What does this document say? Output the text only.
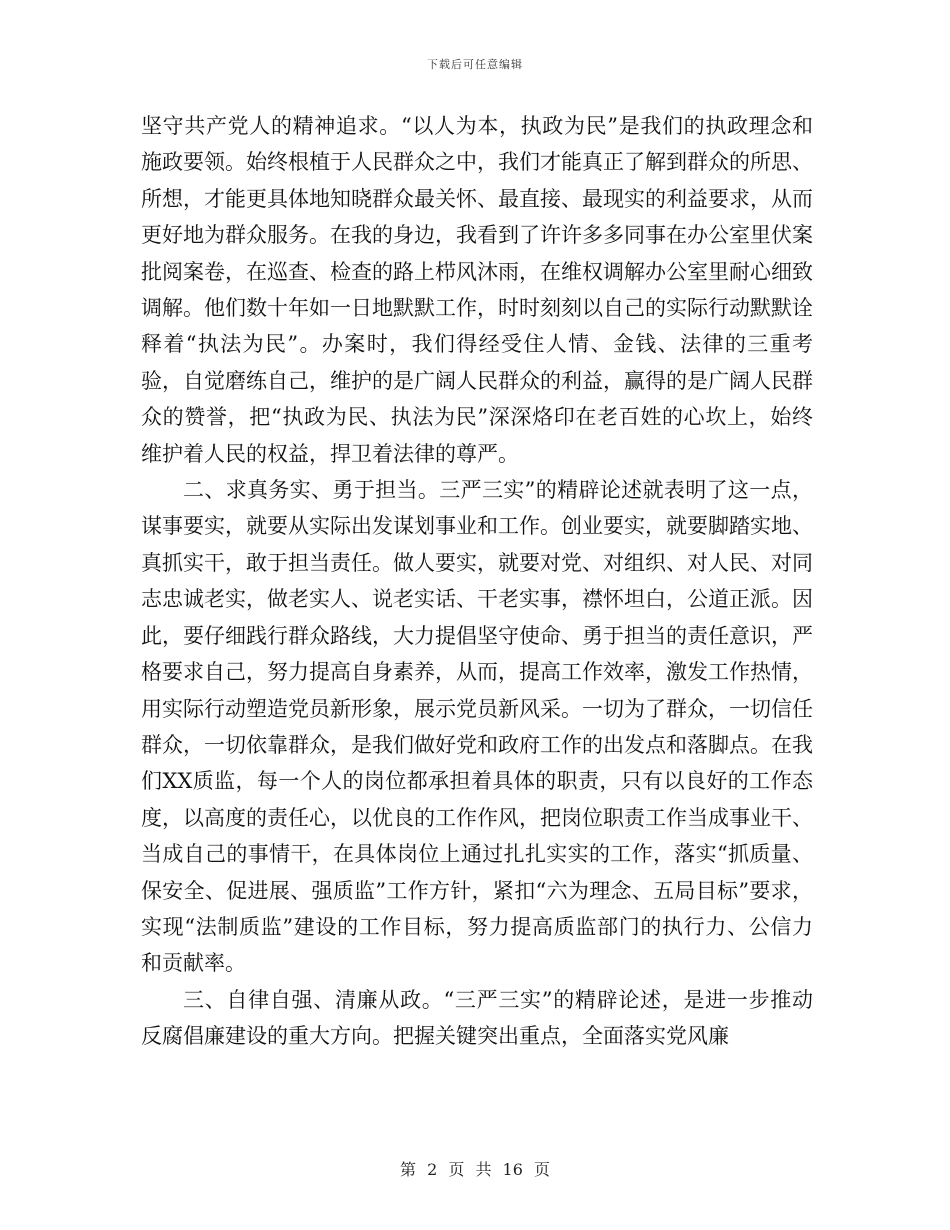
下载后可任意编辑

坚守共产党人的精神追求。“以人为本，执政为民”是我们的执政理念和施政要领。始终根植于人民群众之中，我们才能真正了解到群众的所思、所想，才能更具体地知晓群众最关怀、最直接、最现实的利益要求，从而更好地为群众服务。在我的身边，我看到了许许多多同事在办公室里伏案批阅案卷，在巡查、检查的路上栉风沐雨，在维权调解办公室里耐心细致调解。他们数十年如一日地默默工作，时时刻刻以自己的实际行动默默诠释着“执法为民”。办案时，我们得经受住人情、金钱、法律的三重考验，自觉磨练自己，维护的是广阔人民群众的利益，赢得的是广阔人民群众的赞誉，把“执政为民、执法为民”深深烙印在老百姓的心坎上，始终维护着人民的权益，捍卫着法律的尊严。

二、求真务实、勇于担当。三严三实”的精辟论述就表明了这一点，谋事要实，就要从实际出发谋划事业和工作。创业要实，就要脚踏实地、真抓实干，敢于担当责任。做人要实，就要对党、对组织、对人民、对同志忠诚老实，做老实人、说老实话、干老实事，襟怀坦白，公道正派。因此，要仔细践行群众路线，大力提倡坚守使命、勇于担当的责任意识，严格要求自己，努力提高自身素养，从而，提高工作效率，激发工作热情，用实际行动塑造党员新形象，展示党员新风采。一切为了群众，一切信任群众，一切依靠群众，是我们做好党和政府工作的出发点和落脚点。在我们XX质监，每一个人的岗位都承担着具体的职责，只有以良好的工作态度，以高度的责任心，以优良的工作作风，把岗位职责工作当成事业干、当成自己的事情干，在具体岗位上通过扎扎实实的工作，落实“抓质量、保安全、促进展、强质监”工作方针，紧扣“六为理念、五局目标”要求，实现“法制质监”建设的工作目标，努力提高质监部门的执行力、公信力和贡献率。

三、自律自强、清廉从政。“三严三实”的精辟论述，是进一步推动反腐倡廉建设的重大方向。把握关键突出重点，全面落实党风廉

第 2 页 共 16 页
